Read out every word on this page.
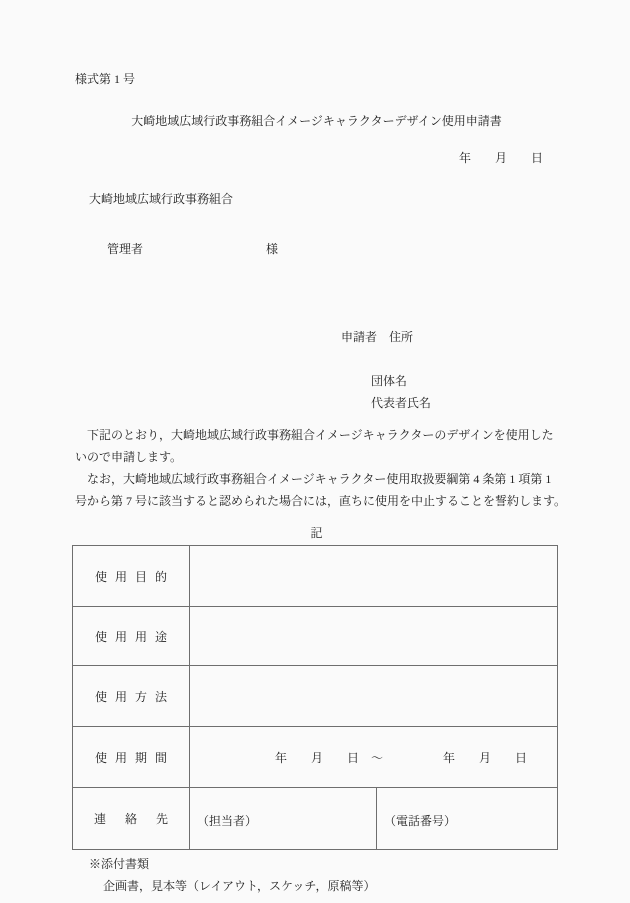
様式第 1 号
大崎地域広域行政事務組合イメージキャラクターデザイン使用申請書
年　　月　　日
大崎地域広域行政事務組合

管理者	様

申請者 住所

団体名
代表者氏名
　下記のとおり，大崎地域広域行政事務組合イメージキャラクターのデザインを使用した
いので申請します。
　なお，大崎地域広域行政事務組合イメージキャラクター使用取扱要綱第 4 条第 1 項第 1
号から第 7 号に該当すると認められた場合には，直ちに使用を中止することを誓約します。
記
使用目的		
使用用途		
使用方法		
使用期間	年　　月　　日　～　　　　　年　　月　　日	
連絡先	（担当者）	（電話番号）
※添付書類
企画書，見本等（レイアウト，スケッチ，原稿等）
